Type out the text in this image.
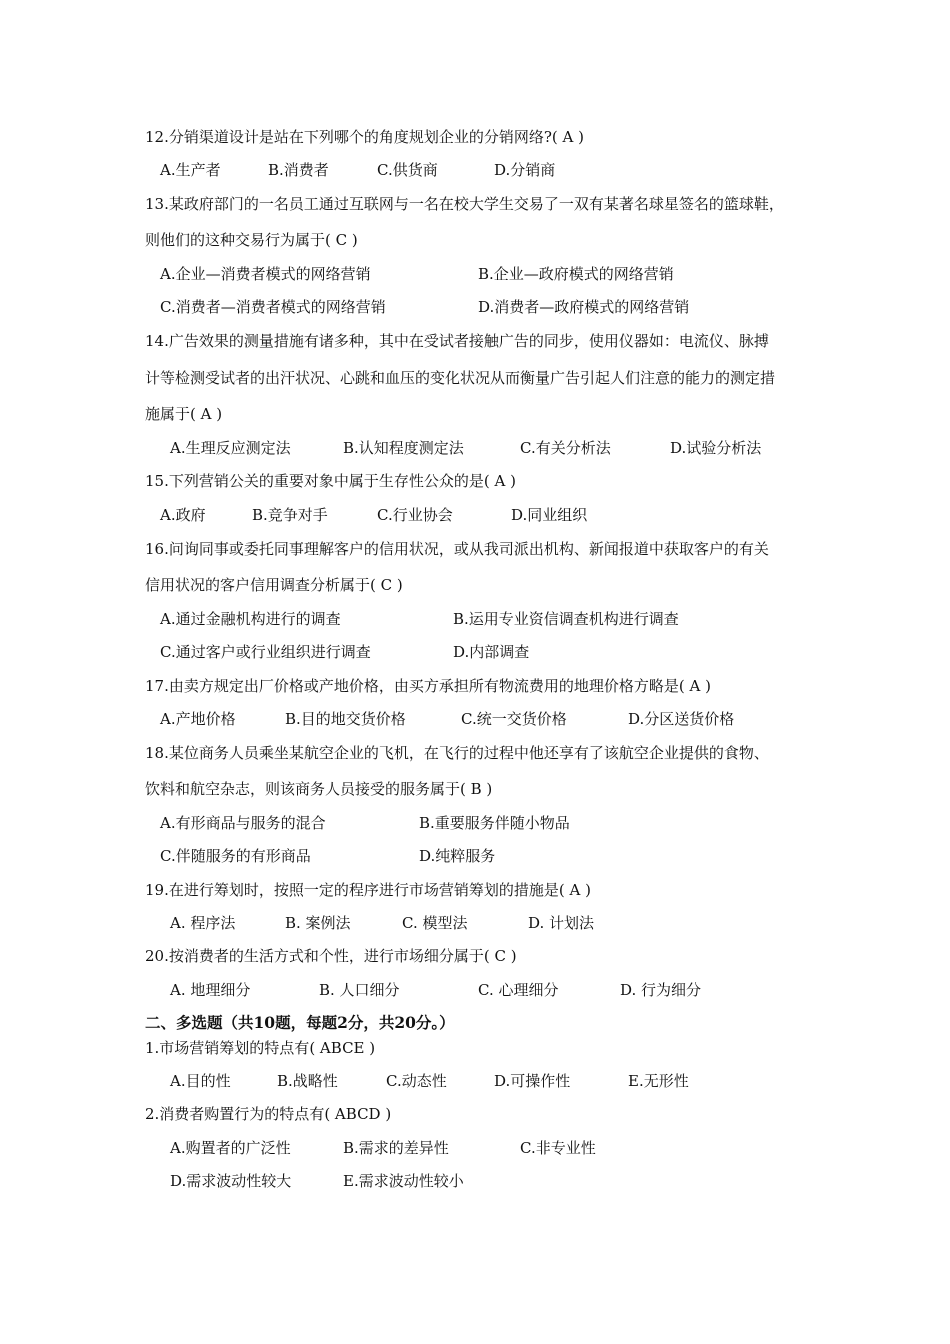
12.分销渠道设计是站在下列哪个的角度规划企业的分销网络?( A )
A.生产者	B.消费者	C.供货商	D.分销商
13.某政府部门的一名员工通过互联网与一名在校大学生交易了一双有某著名球星签名的篮球鞋，
则他们的这种交易行为属于( C )
A.企业—消费者模式的网络营销	B.企业—政府模式的网络营销
C.消费者—消费者模式的网络营销	D.消费者—政府模式的网络营销
14.广告效果的测量措施有诸多种，其中在受试者接触广告的同步，使用仪器如：电流仪、脉搏
计等检测受试者的出汗状况、心跳和血压的变化状况从而衡量广告引起人们注意的能力的测定措
施属于( A )
A.生理反应测定法	B.认知程度测定法	C.有关分析法	D.试验分析法
15.下列营销公关的重要对象中属于生存性公众的是( A )
A.政府	B.竞争对手	C.行业协会	D.同业组织
16.问询同事或委托同事理解客户的信用状况，或从我司派出机构、新闻报道中获取客户的有关
信用状况的客户信用调查分析属于( C )
A.通过金融机构进行的调查	B.运用专业资信调查机构进行调查
C.通过客户或行业组织进行调查	D.内部调查
17.由卖方规定出厂价格或产地价格，由买方承担所有物流费用的地理价格方略是( A )
A.产地价格	B.目的地交货价格	C.统一交货价格	D.分区送货价格
18.某位商务人员乘坐某航空企业的飞机，在飞行的过程中他还享有了该航空企业提供的食物、
饮料和航空杂志，则该商务人员接受的服务属于( B )
A.有形商品与服务的混合	B.重要服务伴随小物品
C.伴随服务的有形商品	D.纯粹服务
19.在进行筹划时，按照一定的程序进行市场营销筹划的措施是( A )
A. 程序法	B. 案例法	C. 模型法	D. 计划法
20.按消费者的生活方式和个性，进行市场细分属于( C )
A. 地理细分	B. 人口细分	C. 心理细分	D. 行为细分
二、多选题（共10题，每题2分，共20分。）
1.市场营销筹划的特点有( ABCE )
A.目的性	B.战略性	C.动态性	D.可操作性	E.无形性
2.消费者购置行为的特点有( ABCD )
A.购置者的广泛性	B.需求的差异性	C.非专业性
D.需求波动性较大	E.需求波动性较小
